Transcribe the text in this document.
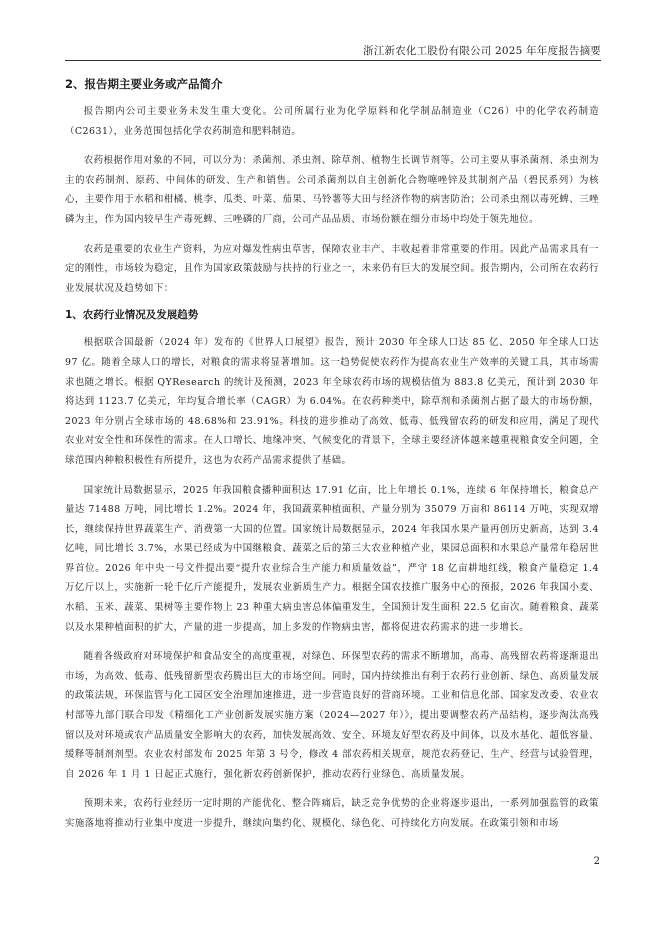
浙江新农化工股份有限公司 2025 年年度报告摘要
2、报告期主要业务或产品简介

报告期内公司主要业务未发生重大变化。公司所属行业为化学原料和化学制品制造业（C26）中的化学农药制造（C2631），业务范围包括化学农药制造和肥料制造。

农药根据作用对象的不同，可以分为：杀菌剂、杀虫剂、除草剂、植物生长调节剂等。公司主要从事杀菌剂、杀虫剂为主的农药制剂、原药、中间体的研发、生产和销售。公司杀菌剂以自主创新化合物噻唑锌及其制剂产品（碧民系列）为核心，主要作用于水稻和柑橘、桃李、瓜类、叶菜、茄果、马铃薯等大田与经济作物的病害防治；公司杀虫剂以毒死蜱、三唑磷为主，作为国内较早生产毒死蜱、三唑磷的厂商，公司产品品质、市场份额在细分市场中均处于领先地位。

农药是重要的农业生产资料，为应对爆发性病虫草害，保障农业丰产、丰收起着非常重要的作用。因此产品需求具有一定的刚性，市场较为稳定，且作为国家政策鼓励与扶持的行业之一，未来仍有巨大的发展空间。报告期内，公司所在农药行业发展状况及趋势如下：

1、农药行业情况及发展趋势

根据联合国最新（2024 年）发布的《世界人口展望》报告，预计 2030 年全球人口达 85 亿、2050 年全球人口达 97 亿。随着全球人口的增长，对粮食的需求将显著增加。这一趋势促使农药作为提高农业生产效率的关键工具，其市场需求也随之增长。根据 QYResearch 的统计及预测，2023 年全球农药市场的规模估值为 883.8 亿美元，预计到 2030 年将达到 1123.7 亿美元，年均复合增长率（CAGR）为 6.04%。在农药种类中，除草剂和杀菌剂占据了最大的市场份额，2023 年分别占全球市场的 48.68%和 23.91%。科技的进步推动了高效、低毒、低残留农药的研发和应用，满足了现代农业对安全性和环保性的需求。在人口增长、地缘冲突、气候变化的背景下，全球主要经济体越来越重视粮食安全问题，全球范围内种粮积极性有所提升，这也为农药产品需求提供了基础。

国家统计局数据显示，2025 年我国粮食播种面积达 17.91 亿亩，比上年增长 0.1%，连续 6 年保持增长，粮食总产量达 71488 万吨，同比增长 1.2%。2024 年，我国蔬菜种植面积、产量分别为 35079 万亩和 86114 万吨，实现双增长，继续保持世界蔬菜生产、消费第一大国的位置。国家统计局数据显示，2024 年我国水果产量再创历史新高，达到 3.4 亿吨，同比增长 3.7%，水果已经成为中国继粮食、蔬菜之后的第三大农业种植产业，果园总面积和水果总产量常年稳居世界首位。2026 年中央一号文件提出要“提升农业综合生产能力和质量效益”，严守 18 亿亩耕地红线，粮食产量稳定 1.4 万亿斤以上，实施新一轮千亿斤产能提升，发展农业新质生产力。根据全国农技推广服务中心的预报，2026 年我国小麦、水稻、玉米、蔬菜、果树等主要作物上 23 种重大病虫害总体偏重发生，全国预计发生面积 22.5 亿亩次。随着粮食、蔬菜以及水果种植面积的扩大，产量的进一步提高，加上多发的作物病虫害，都将促进农药需求的进一步增长。

随着各级政府对环境保护和食品安全的高度重视，对绿色、环保型农药的需求不断增加，高毒、高残留农药将逐渐退出市场，为高效、低毒、低残留新型农药腾出巨大的市场空间。同时，国内持续推出有利于农药行业创新、绿色、高质量发展的政策法规，环保监管与化工园区安全治理加速推进，进一步营造良好的营商环境。工业和信息化部、国家发改委、农业农村部等九部门联合印发《精细化工产业创新发展实施方案（2024—2027 年）》，提出要调整农药产品结构，逐步淘汰高残留以及对环境或农产品质量安全影响大的农药，加快发展高效、安全、环境友好型农药及中间体，以及水基化、超低容量、缓释等制剂剂型。农业农村部发布 2025 年第 3 号令，修改 4 部农药相关规章，规范农药登记、生产、经营与试验管理，自 2026 年 1 月 1 日起正式施行，强化新农药创新保护，推动农药行业绿色、高质量发展。

预期未来，农药行业经历一定时期的产能优化、整合阵痛后，缺乏竞争优势的企业将逐步退出，一系列加强监管的政策实施落地将推动行业集中度进一步提升，继续向集约化、规模化、绿色化、可持续化方向发展。在政策引领和市场

2
